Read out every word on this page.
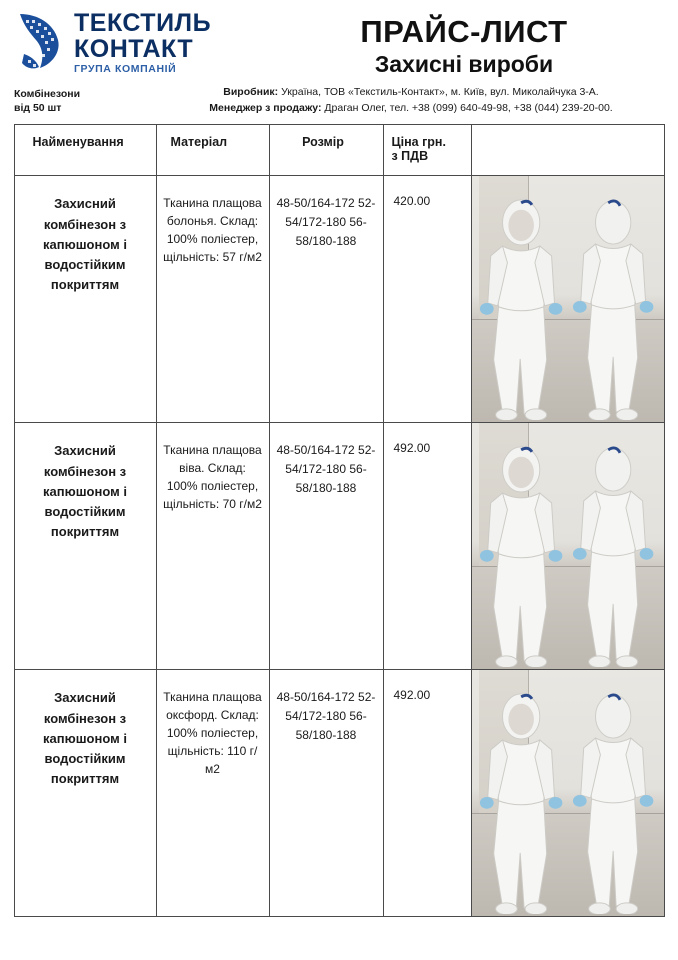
ТЕКСТИЛЬ
КОНТАКТ
ГРУПА КОМПАНІЙ
ПРАЙС-ЛИСТ
Захисні вироби
Комбінезони
від 50 шт
Виробник: Україна, ТОВ «Текстиль-Контакт», м. Київ, вул. Миколайчука 3-А.
Менеджер з продажу: Драган Олег, тел. +38 (099) 640-49-98, +38 (044) 239-20-00.
Найменування	Матеріал	Розмір	Ціна грн.
з ПДВ	

Захисний комбінезон з капюшоном і водостійким покриттям	Тканина плащова болонья. Склад: 100% поліестер, щільність: 57 г/м2	48-50/164-172 52-54/172-180 56-58/180-188	420.00	

Захисний комбінезон з капюшоном і водостійким покриттям	Тканина плащова віва. Склад: 100% поліестер, щільність: 70 г/м2	48-50/164-172 52-54/172-180 56-58/180-188	492.00	

Захисний комбінезон з капюшоном і водостійким покриттям	Тканина плащова оксфорд. Склад: 100% поліестер, щільність: 110 г/м2	48-50/164-172 52-54/172-180 56-58/180-188	492.00	
